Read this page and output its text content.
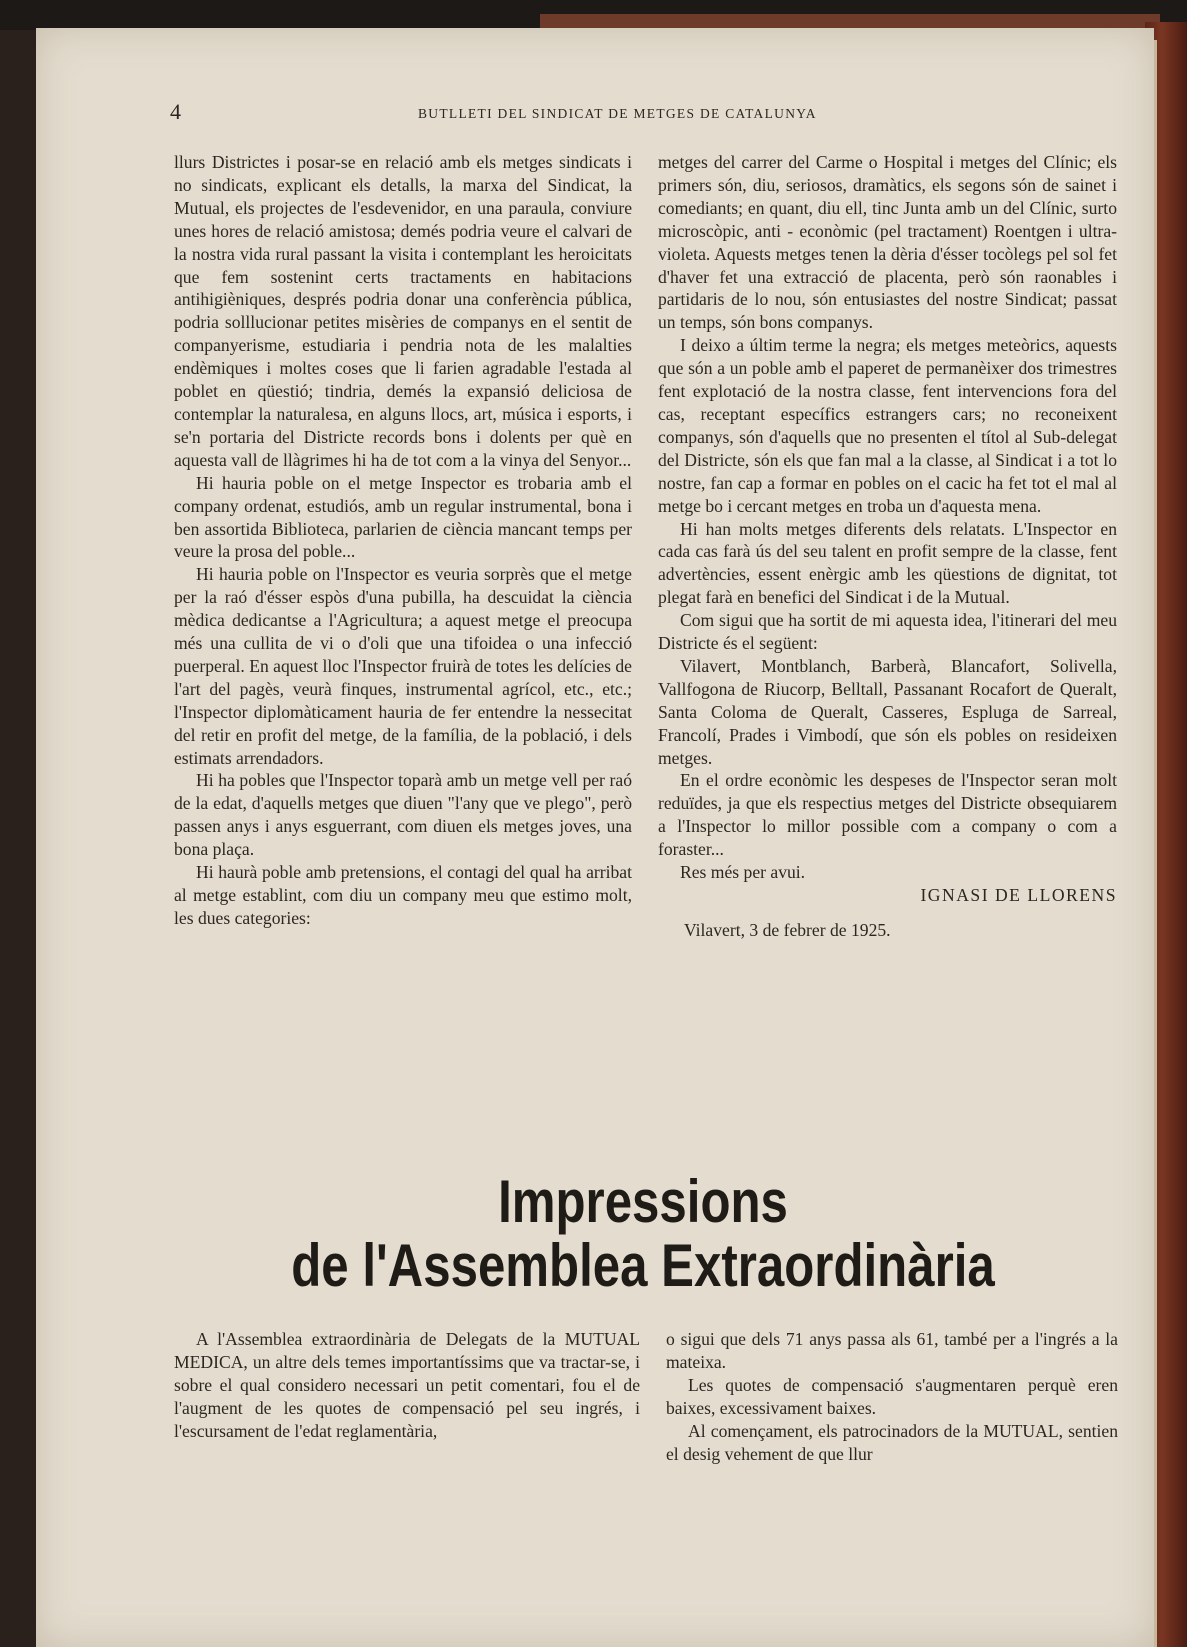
4	BUTLLETI DEL SINDICAT DE METGES DE CATALUNYA

llurs Districtes i posar-se en relació amb els metges sindicats i no sindicats, explicant els detalls, la marxa del Sindicat, la Mutual, els projectes de l'esdevenidor, en una paraula, conviure unes hores de relació amistosa; demés podria veure el calvari de la nostra vida rural passant la visita i contemplant les heroicitats que fem sostenint certs tractaments en habitacions antihigièniques, després podria donar una conferència pública, podria solllucionar petites misèries de companys en el sentit de companyerisme, estudiaria i pendria nota de les malalties endèmiques i moltes coses que li farien agradable l'estada al poblet en qüestió; tindria, demés la expansió deliciosa de contemplar la naturalesa, en alguns llocs, art, música i esports, i se'n portaria del Districte records bons i dolents per què en aquesta vall de llàgrimes hi ha de tot com a la vinya del Senyor...

Hi hauria poble on el metge Inspector es trobaria amb el company ordenat, estudiós, amb un regular instrumental, bona i ben assortida Biblioteca, parlarien de ciència mancant temps per veure la prosa del poble...

Hi hauria poble on l'Inspector es veuria sorprès que el metge per la raó d'ésser espòs d'una pubilla, ha descuidat la ciència mèdica dedicantse a l'Agricultura; a aquest metge el preocupa més una cullita de vi o d'oli que una tifoidea o una infecció puerperal. En aquest lloc l'Inspector fruirà de totes les delícies de l'art del pagès, veurà finques, instrumental agrícol, etc., etc.; l'Inspector diplomàticament hauria de fer entendre la nessecitat del retir en profit del metge, de la família, de la població, i dels estimats arrendadors.

Hi ha pobles que l'Inspector toparà amb un metge vell per raó de la edat, d'aquells metges que diuen "l'any que ve plego", però passen anys i anys esguerrant, com diuen els metges joves, una bona plaça.

Hi haurà poble amb pretensions, el contagi del qual ha arribat al metge establint, com diu un company meu que estimo molt, les dues categories:

metges del carrer del Carme o Hospital i metges del Clínic; els primers són, diu, seriosos, dramàtics, els segons són de sainet i comediants; en quant, diu ell, tinc Junta amb un del Clínic, surto microscòpic, anti - econòmic (pel tractament) Roentgen i ultra-violeta. Aquests metges tenen la dèria d'ésser tocòlegs pel sol fet d'haver fet una extracció de placenta, però són raonables i partidaris de lo nou, són entusiastes del nostre Sindicat; passat un temps, són bons companys.

I deixo a últim terme la negra; els metges meteòrics, aquests que són a un poble amb el paperet de permanèixer dos trimestres fent explotació de la nostra classe, fent intervencions fora del cas, receptant específics estrangers cars; no reconeixent companys, són d'aquells que no presenten el títol al Sub-delegat del Districte, són els que fan mal a la classe, al Sindicat i a tot lo nostre, fan cap a formar en pobles on el cacic ha fet tot el mal al metge bo i cercant metges en troba un d'aquesta mena.

Hi han molts metges diferents dels relatats. L'Inspector en cada cas farà ús del seu talent en profit sempre de la classe, fent advertències, essent enèrgic amb les qüestions de dignitat, tot plegat farà en benefici del Sindicat i de la Mutual.

Com sigui que ha sortit de mi aquesta idea, l'itinerari del meu Districte és el següent:

Vilavert, Montblanch, Barberà, Blancafort, Solivella, Vallfogona de Riucorp, Belltall, Passanant Rocafort de Queralt, Santa Coloma de Queralt, Casseres, Espluga de Sarreal, Francolí, Prades i Vimbodí, que són els pobles on resideixen metges.

En el ordre econòmic les despeses de l'Inspector seran molt reduïdes, ja que els respectius metges del Districte obsequiarem a l'Inspector lo millor possible com a company o com a foraster...

Res més per avui.

IGNASI DE LLORENS

Vilavert, 3 de febrer de 1925.

Impressions
de l'Assemblea Extraordinària

A l'Assemblea extraordinària de Delegats de la MUTUAL MEDICA, un altre dels temes importantíssims que va tractar-se, i sobre el qual considero necessari un petit comentari, fou el de l'augment de les quotes de compensació pel seu ingrés, i l'escursament de l'edat reglamentària,

o sigui que dels 71 anys passa als 61, també per a l'ingrés a la mateixa.

Les quotes de compensació s'augmentaren perquè eren baixes, excessivament baixes.

Al començament, els patrocinadors de la MUTUAL, sentien el desig vehement de que llur
